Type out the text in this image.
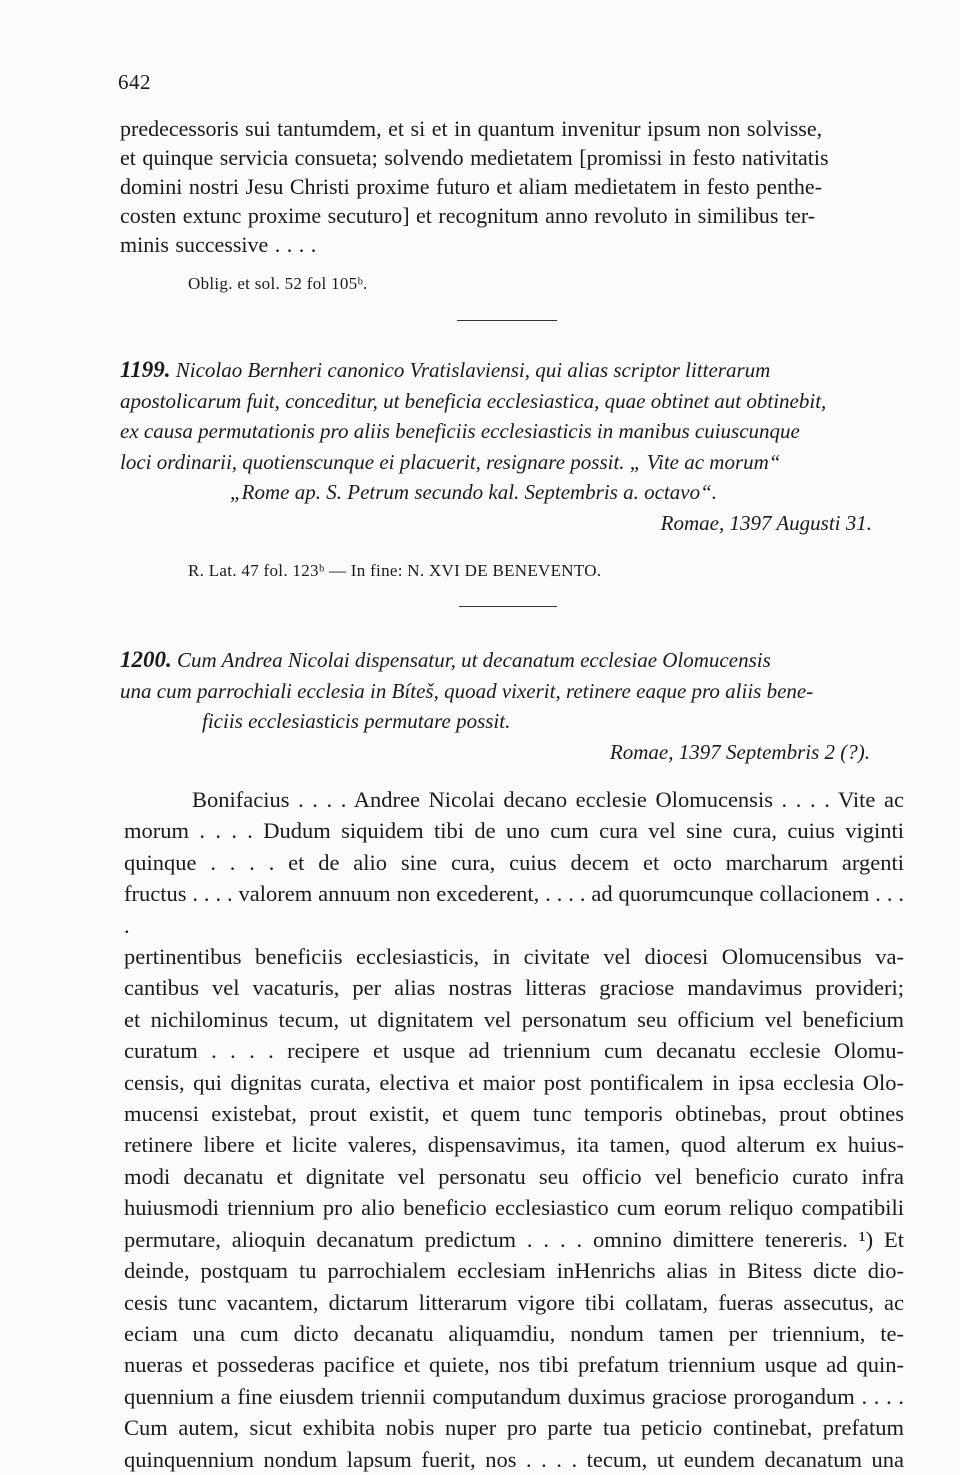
642
predecessoris sui tantumdem, et si et in quantum invenitur ipsum non solvisse,
et quinque servicia consueta; solvendo medietatem [promissi in festo nativitatis
domini nostri Jesu Christi proxime futuro et aliam medietatem in festo penthe-
costen extunc proxime secuturo] et recognitum anno revoluto in similibus ter-
minis successive . . . .
Oblig. et sol. 52 fol 105ᵇ.
1199. Nicolao Bernheri canonico Vratislaviensi, qui alias scriptor litterarum
apostolicarum fuit, conceditur, ut beneficia ecclesiastica, quae obtinet aut obtinebit,
ex causa permutationis pro aliis beneficiis ecclesiasticis in manibus cuiuscunque
loci ordinarii, quotienscunque ei placuerit, resignare possit. „ Vite ac morum“
„Rome ap. S. Petrum secundo kal. Septembris a. octavo“.
Romae, 1397 Augusti 31.
R. Lat. 47 fol. 123ᵇ — In fine: N. XVI DE BENEVENTO.
1200. Cum Andrea Nicolai dispensatur, ut decanatum ecclesiae Olomucensis
una cum parrochiali ecclesia in Bíteš, quoad vixerit, retinere eaque pro aliis bene-
ficiis ecclesiasticis permutare possit.
Romae, 1397 Septembris 2 (?).
Bonifacius . . . . Andree Nicolai decano ecclesie Olomucensis . . . . Vite ac
morum . . . . Dudum siquidem tibi de uno cum cura vel sine cura, cuius viginti
quinque . . . . et de alio sine cura, cuius decem et octo marcharum argenti
fructus . . . . valorem annuum non excederent, . . . . ad quorumcunque collacionem . . . .
pertinentibus beneficiis ecclesiasticis, in civitate vel diocesi Olomucensibus va-
cantibus vel vacaturis, per alias nostras litteras graciose mandavimus provideri;
et nichilominus tecum, ut dignitatem vel personatum seu officium vel beneficium
curatum . . . . recipere et usque ad triennium cum decanatu ecclesie Olomu-
censis, qui dignitas curata, electiva et maior post pontificalem in ipsa ecclesia Olo-
mucensi existebat, prout existit, et quem tunc temporis obtinebas, prout obtines
retinere libere et licite valeres, dispensavimus, ita tamen, quod alterum ex huius-
modi decanatu et dignitate vel personatu seu officio vel beneficio curato infra
huiusmodi triennium pro alio beneficio ecclesiastico cum eorum reliquo compatibili
permutare, alioquin decanatum predictum . . . . omnino dimittere tenereris. ¹) Et
deinde, postquam tu parrochialem ecclesiam inHenrichs alias in Bitess dicte dio-
cesis tunc vacantem, dictarum litterarum vigore tibi collatam, fueras assecutus, ac
eciam una cum dicto decanatu aliquamdiu, nondum tamen per triennium, te-
nueras et possederas pacifice et quiete, nos tibi prefatum triennium usque ad quin-
quennium a fine eiusdem triennii computandum duximus graciose prorogandum . . . .
Cum autem, sicut exhibita nobis nuper pro parte tua peticio continebat, prefatum
quinquennium nondum lapsum fuerit, nos . . . . tecum, ut eundem decanatum una
